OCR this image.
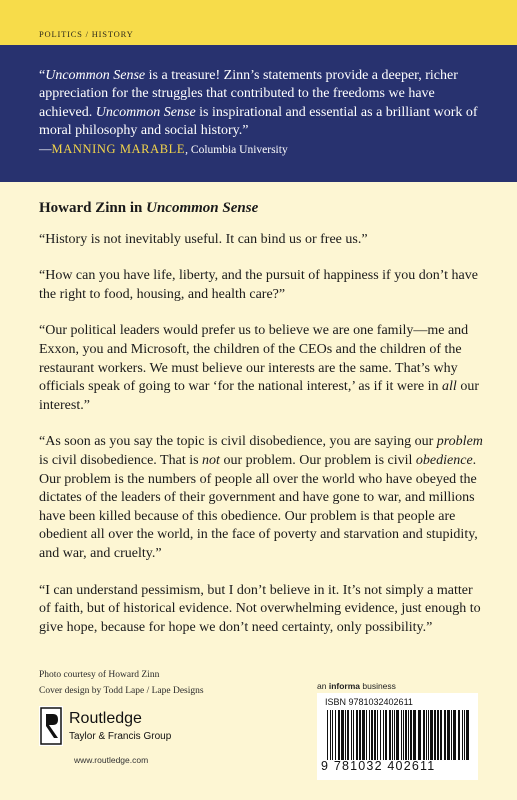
POLITICS / HISTORY
“Uncommon Sense is a treasure! Zinn’s statements provide a deeper, richer appreciation for the struggles that contributed to the freedoms we have achieved. Uncommon Sense is inspirational and essential as a brilliant work of moral philosophy and social history.”
—MANNING MARABLE, Columbia University
Howard Zinn in Uncommon Sense

“History is not inevitably useful. It can bind us or free us.”

“How can you have life, liberty, and the pursuit of happiness if you don’t have the right to food, housing, and health care?”

“Our political leaders would prefer us to believe we are one family—me and Exxon, you and Microsoft, the children of the CEOs and the children of the restaurant workers. We must believe our interests are the same. That’s why officials speak of going to war ‘for the national interest,’ as if it were in all our interest.”

“As soon as you say the topic is civil disobedience, you are saying our problem is civil disobedience. That is not our problem. Our problem is civil obedience. Our problem is the numbers of people all over the world who have obeyed the dictates of the leaders of their government and have gone to war, and millions have been killed because of this obedience. Our problem is that people are obedient all over the world, in the face of poverty and starvation and stupidity, and war, and cruelty.”

“I can understand pessimism, but I don’t believe in it. It’s not simply a matter of faith, but of historical evidence. Not overwhelming evidence, just enough to give hope, because for hope we don’t need certainty, only possibility.”

Photo courtesy of Howard Zinn
Cover design by Todd Lape / Lape Designs
Routledge
Taylor & Francis Group
www.routledge.com
an informa business
ISBN 9781032402611
9 781032 402611
